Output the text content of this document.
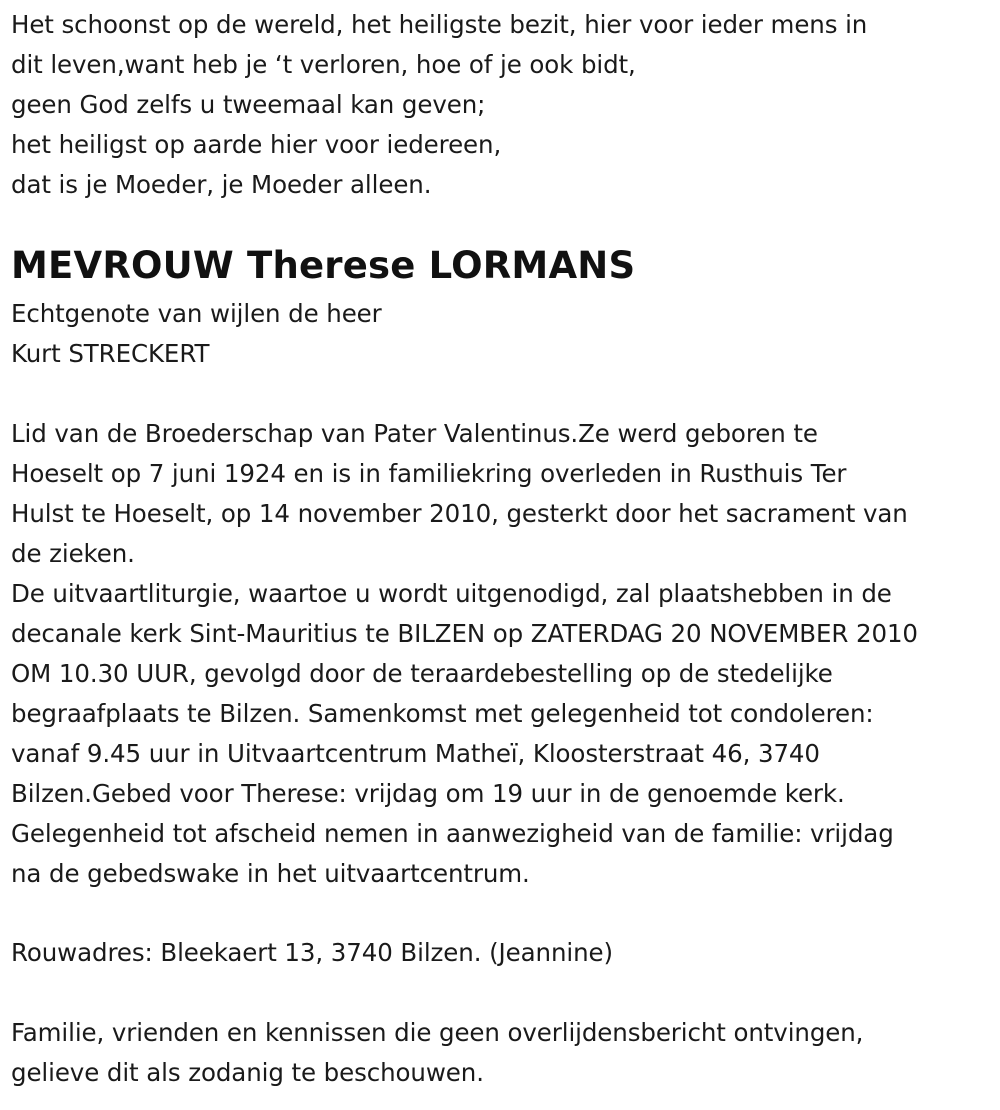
Het schoonst op de wereld, het heiligste bezit, hier voor ieder mens in
dit leven,want heb je ‘t verloren, hoe of je ook bidt,
geen God zelfs u tweemaal kan geven;
het heiligst op aarde hier voor iedereen,
dat is je Moeder, je Moeder alleen.
MEVROUW Therese LORMANS
Echtgenote van wijlen de heer
Kurt STRECKERT
Lid van de Broederschap van Pater Valentinus.Ze werd geboren te
Hoeselt op 7 juni 1924 en is in familiekring overleden in Rusthuis Ter
Hulst te Hoeselt, op 14 november 2010, gesterkt door het sacrament van
de zieken.
De uitvaartliturgie, waartoe u wordt uitgenodigd, zal plaatshebben in de
decanale kerk Sint-Mauritius te BILZEN op ZATERDAG 20 NOVEMBER 2010
OM 10.30 UUR, gevolgd door de teraardebestelling op de stedelijke
begraafplaats te Bilzen. Samenkomst met gelegenheid tot condoleren:
vanaf 9.45 uur in Uitvaartcentrum Matheï, Kloosterstraat 46, 3740
Bilzen.Gebed voor Therese: vrijdag om 19 uur in de genoemde kerk.
Gelegenheid tot afscheid nemen in aanwezigheid van de familie: vrijdag
na de gebedswake in het uitvaartcentrum.
Rouwadres: Bleekaert 13, 3740 Bilzen. (Jeannine)
Familie, vrienden en kennissen die geen overlijdensbericht ontvingen,
gelieve dit als zodanig te beschouwen.
